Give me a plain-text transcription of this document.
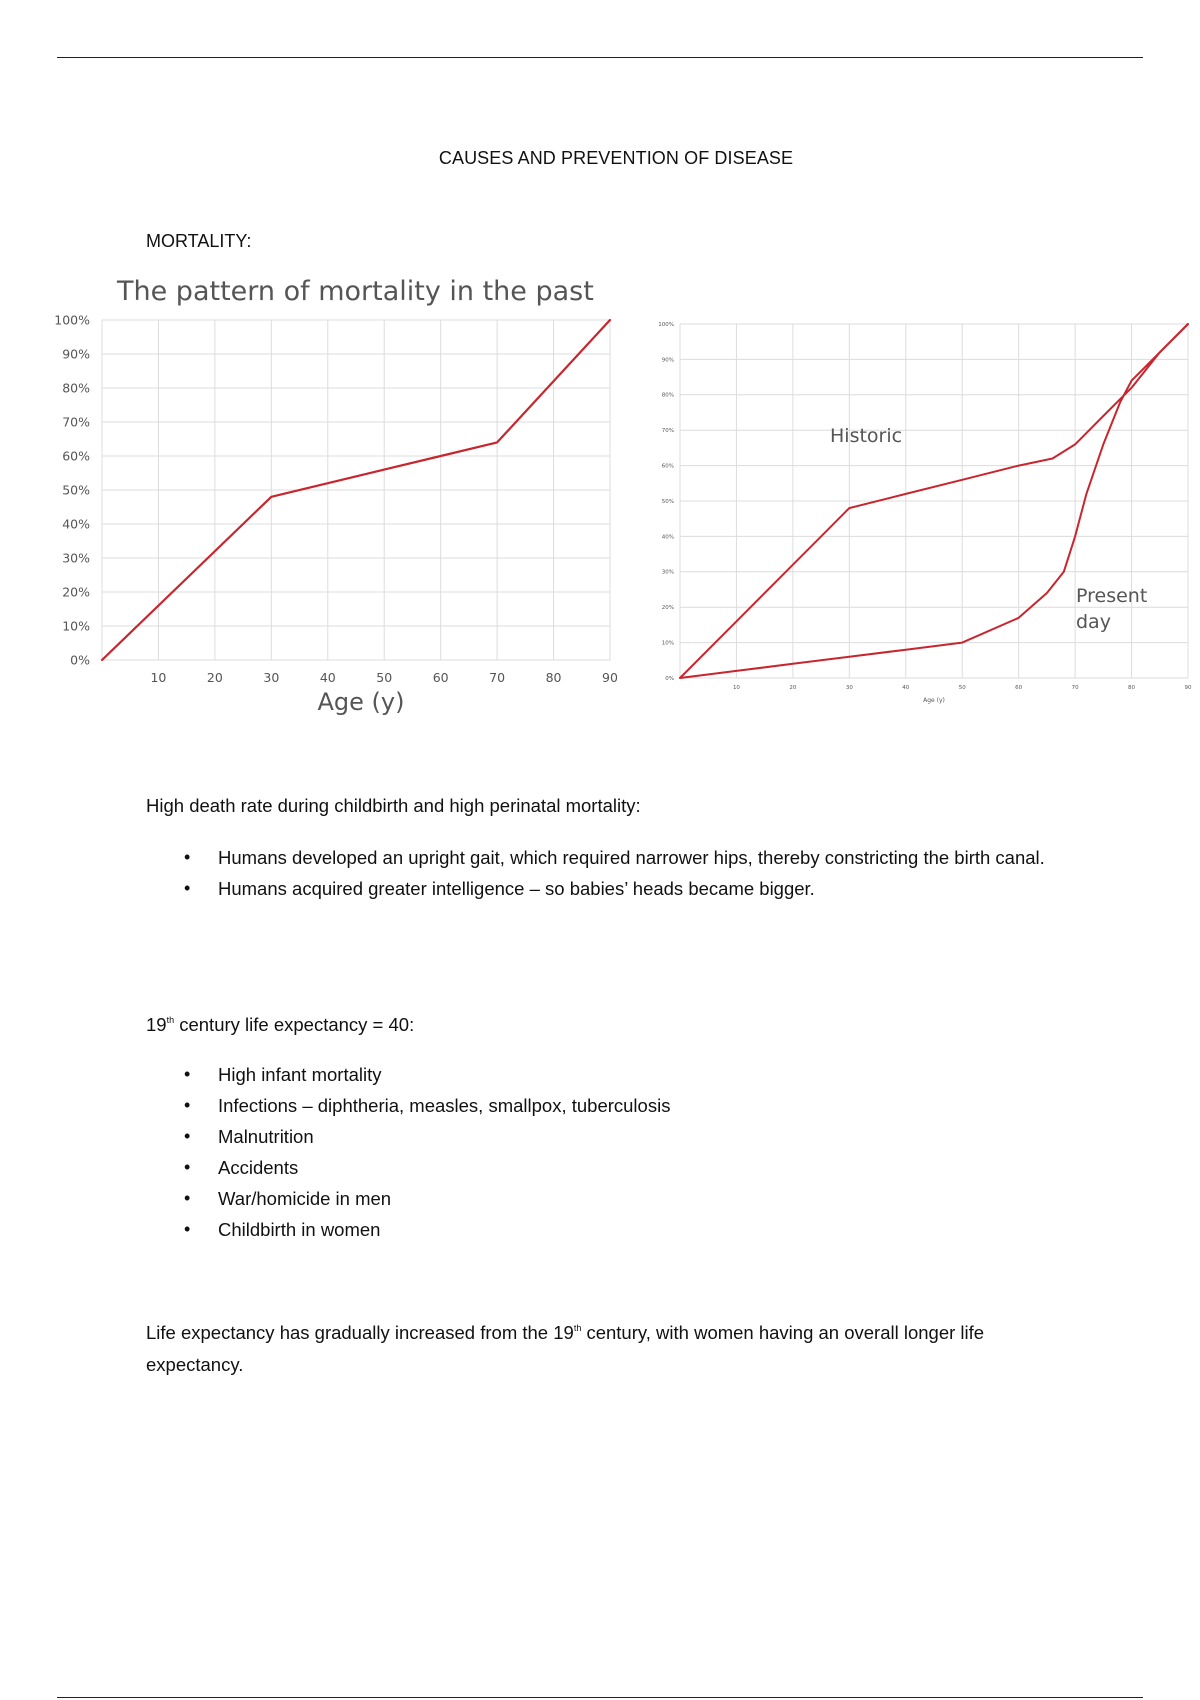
CAUSES AND PREVENTION OF DISEASE
MORTALITY:
0%
10%
20%
30%
40%
50%
60%
70%
80%
90%
100%
10	20	30	40	50	60	70	80	90
The pattern of mortality in the past
Age (y)
0%
10%
20%
30%
40%
50%
60%
70%
80%
90%
100%
10	20	30	40	50	60	70	80	90
Age (y)
Historic
Present
day
High death rate during childbirth and high perinatal mortality:
• Humans developed an upright gait, which required narrower hips, thereby constricting the birth canal.
• Humans acquired greater intelligence – so babies’ heads became bigger.
19th century life expectancy = 40:
• High infant mortality
• Infections – diphtheria, measles, smallpox, tuberculosis
• Malnutrition
• Accidents
• War/homicide in men
• Childbirth in women
Life expectancy has gradually increased from the 19th century, with women having an overall longer life expectancy.
